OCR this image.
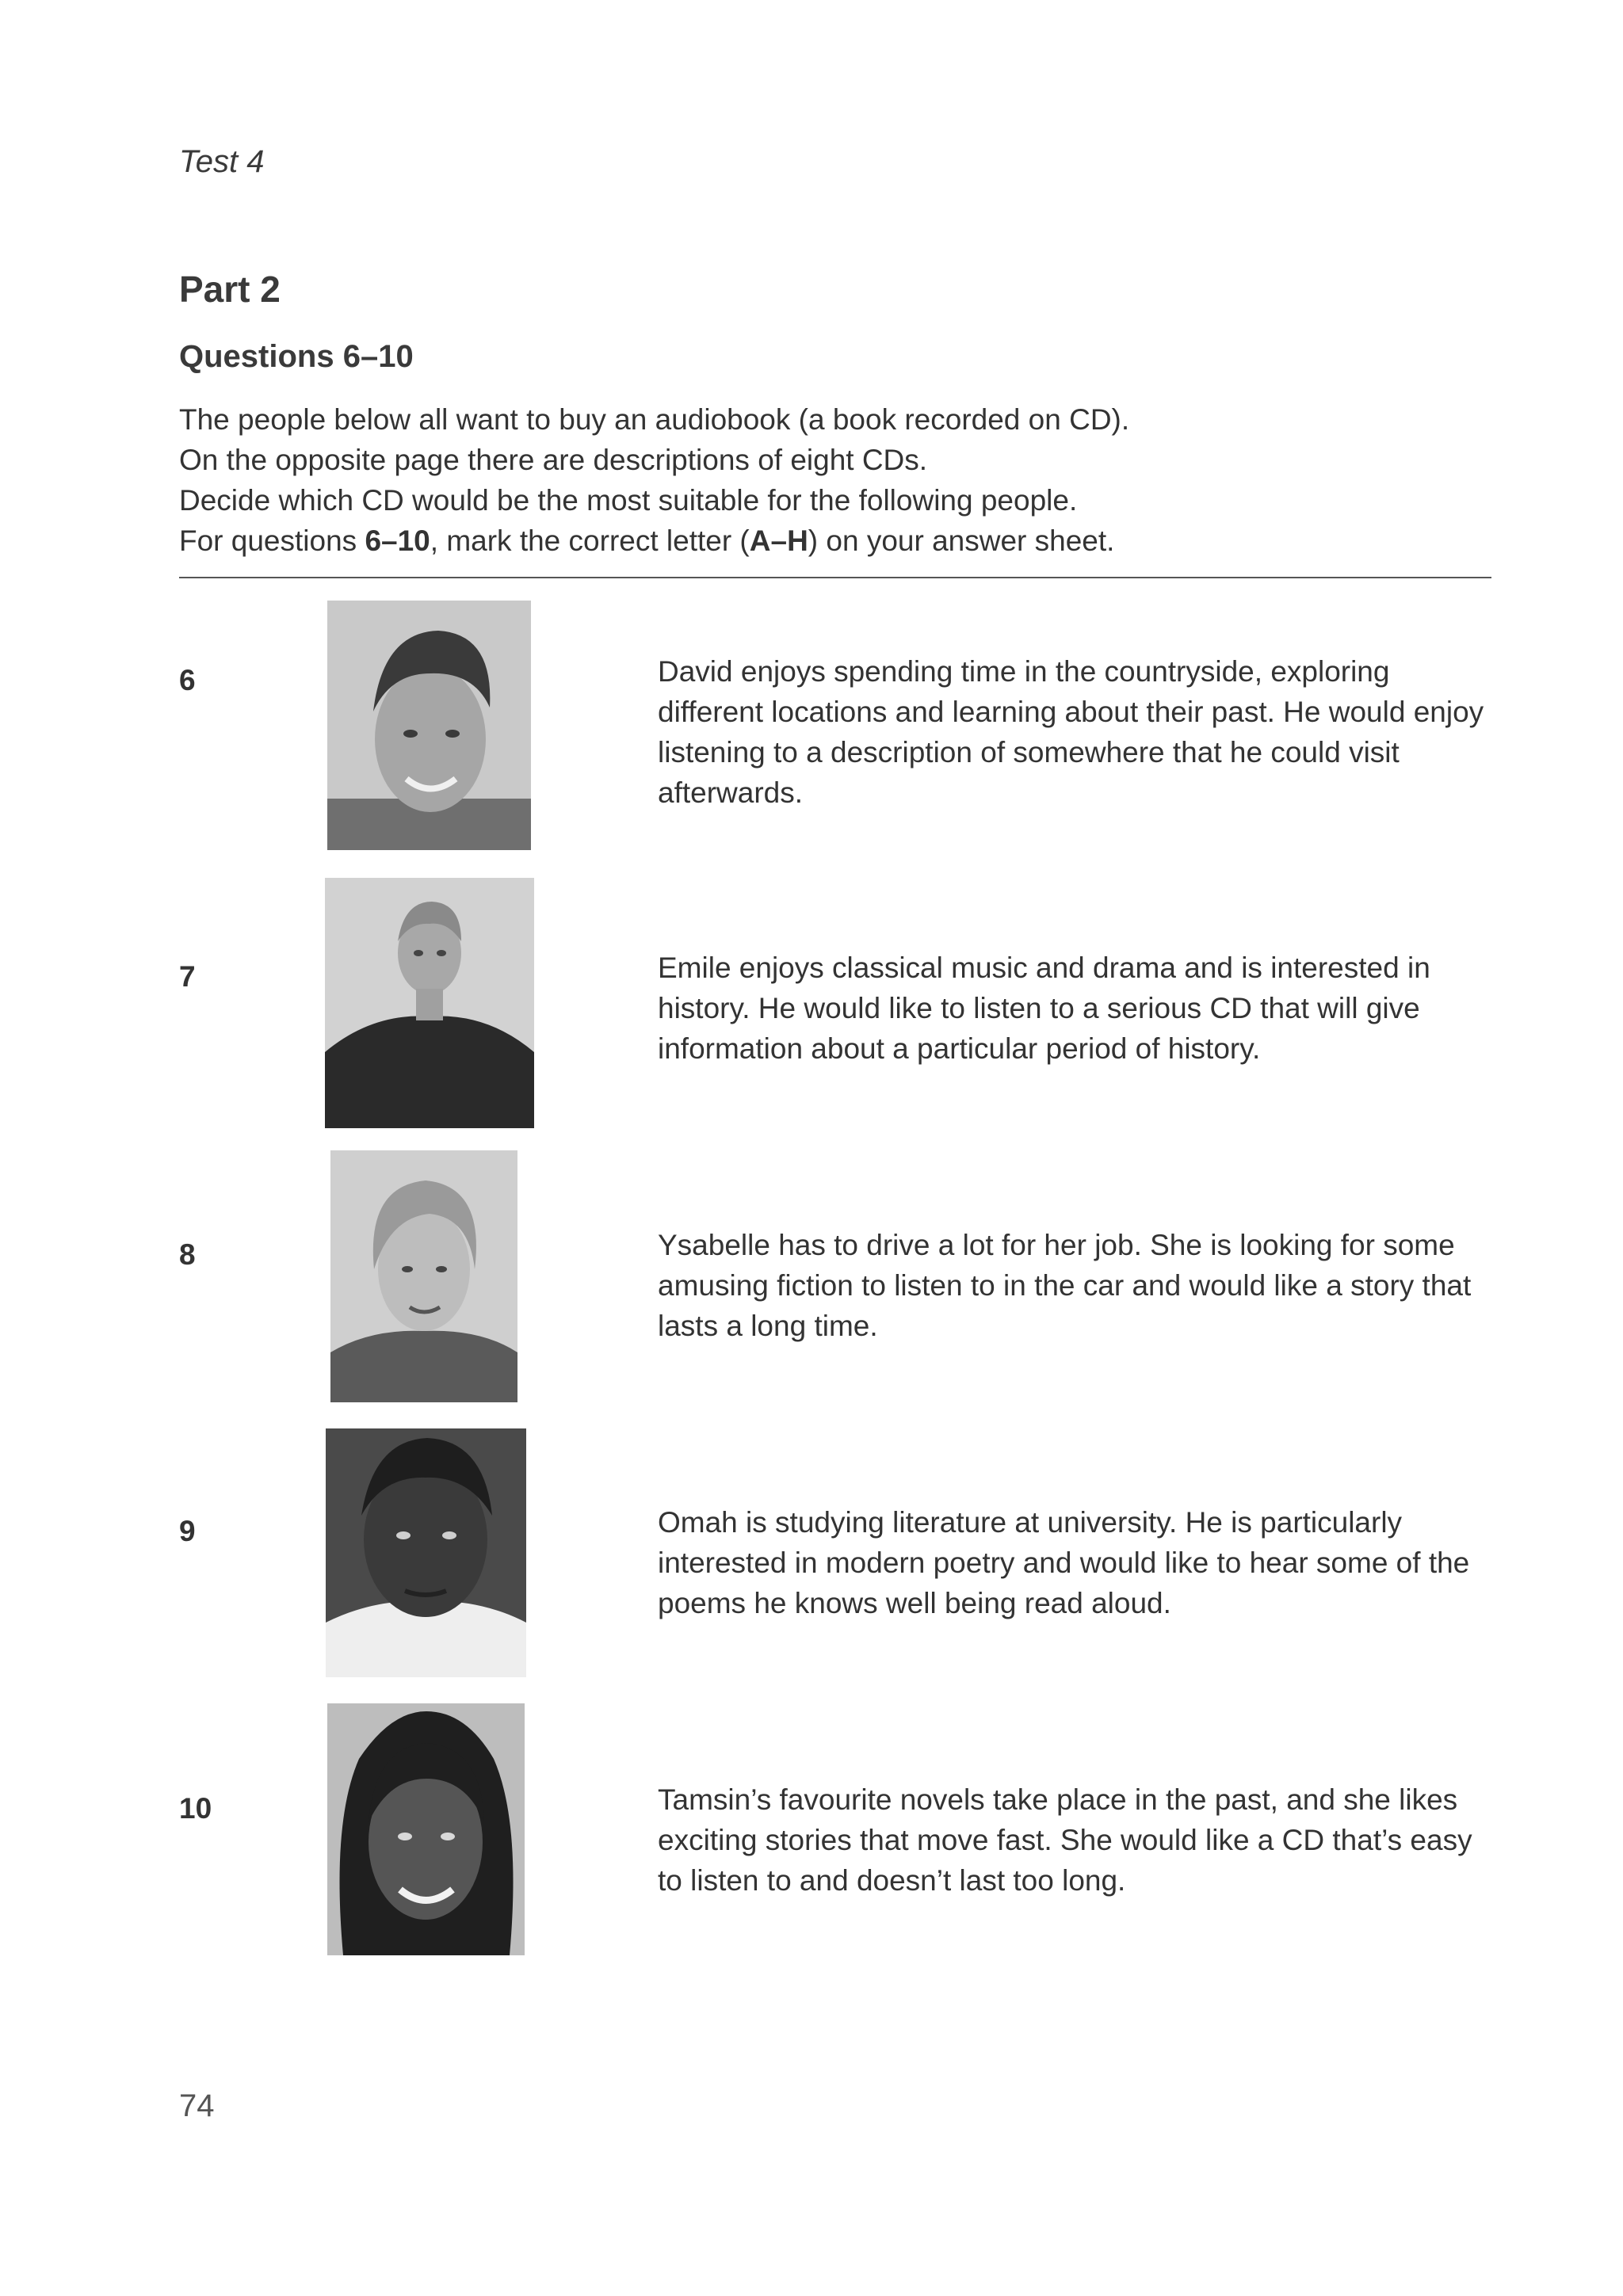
Test 4
Part 2
Questions 6–10

The people below all want to buy an audiobook (a book recorded on CD).

On the opposite page there are descriptions of eight CDs.

Decide which CD would be the most suitable for the following people.

For questions 6–10, mark the correct letter (A–H) on your answer sheet.

6	David enjoys spending time in the countryside, exploring different locations and learning about their past. He would enjoy listening to a description of somewhere that he could visit afterwards.

7	Emile enjoys classical music and drama and is interested in history. He would like to listen to a serious CD that will give information about a particular period of history.

8	Ysabelle has to drive a lot for her job. She is looking for some amusing fiction to listen to in the car and would like a story that lasts a long time.

9	Omah is studying literature at university. He is particularly interested in modern poetry and would like to hear some of the poems he knows well being read aloud.

10	Tamsin’s favourite novels take place in the past, and she likes exciting stories that move fast. She would like a CD that’s easy to listen to and doesn’t last too long.

74
